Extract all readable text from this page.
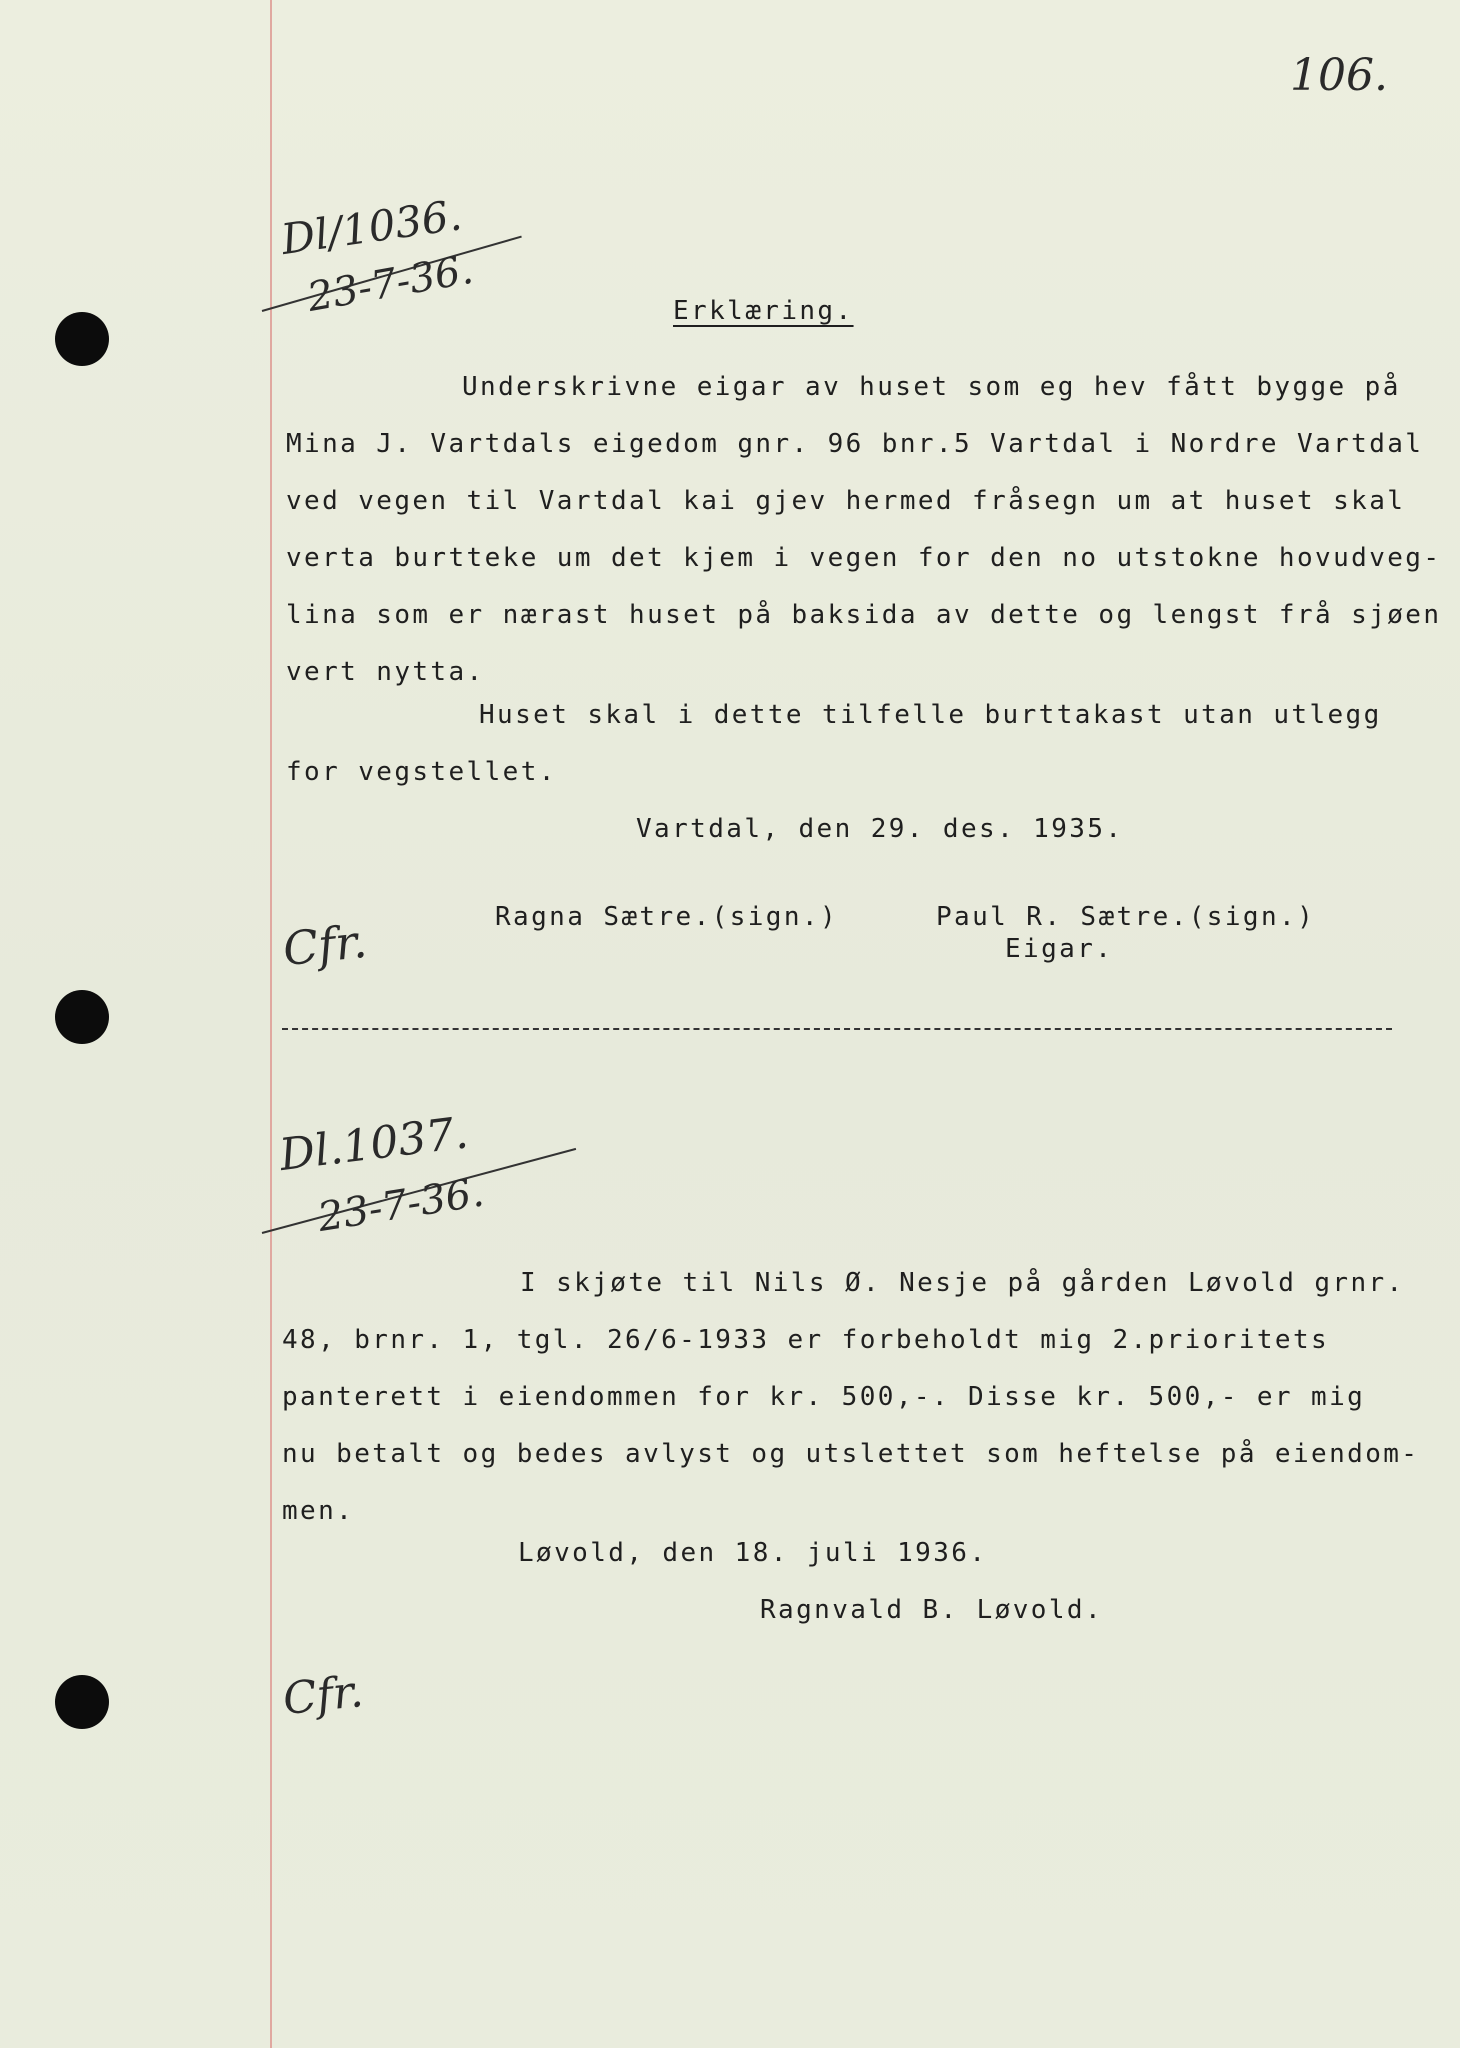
106.
Dl/1036.
23-7-36.	Erklæring.
Underskrivne eigar av huset som eg hev fått bygge på
Mina J. Vartdals eigedom gnr. 96 bnr.5 Vartdal i Nordre Vartdal
ved vegen til Vartdal kai gjev hermed fråsegn um at huset skal
verta burtteke um det kjem i vegen for den no utstokne hovudveg-
lina som er nærast huset på baksida av dette og lengst frå sjøen
vert nytta.
Huset skal i dette tilfelle burttakast utan utlegg
for vegstellet.
Vartdal, den 29. des. 1935.
Ragna Sætre.(sign.)	Paul R. Sætre.(sign.)
Eigar.
Cfr.
Dl.1037.
23-7-36.
I skjøte til Nils Ø. Nesje på gården Løvold grnr.
48, brnr. 1, tgl. 26/6-1933 er forbeholdt mig 2.prioritets
panterett i eiendommen for kr. 500,-. Disse kr. 500,- er mig
nu betalt og bedes avlyst og utslettet som heftelse på eiendom-
men.
Løvold, den 18. juli 1936.
Ragnvald B. Løvold.
Cfr.
